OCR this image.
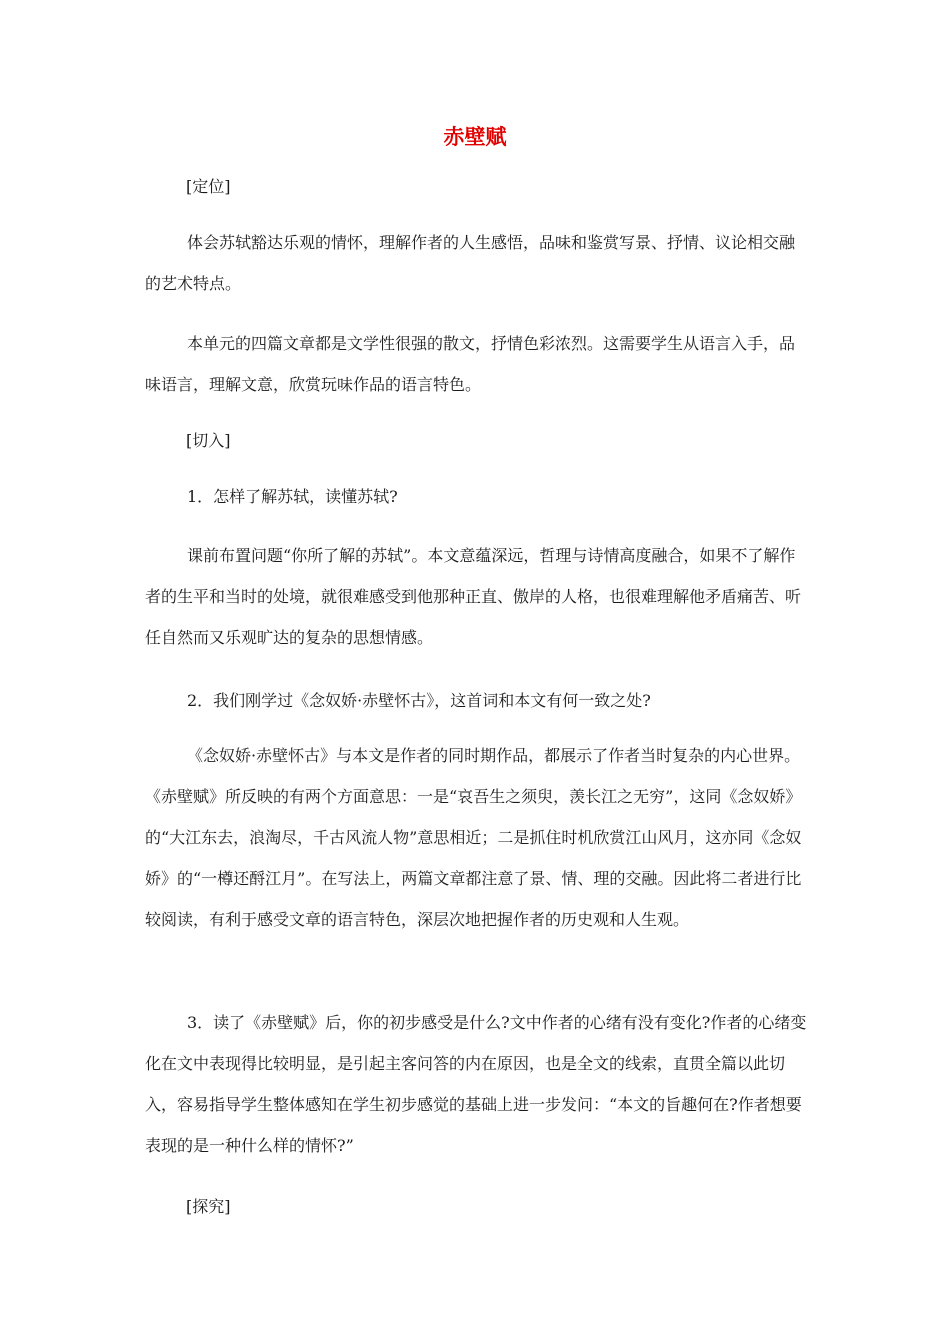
赤壁赋

[定位]

体会苏轼豁达乐观的情怀，理解作者的人生感悟，品味和鉴赏写景、抒情、议论相交融的艺术特点。

本单元的四篇文章都是文学性很强的散文，抒情色彩浓烈。这需要学生从语言入手，品味语言，理解文意，欣赏玩味作品的语言特色。

[切入]

1．怎样了解苏轼，读懂苏轼?

课前布置问题“你所了解的苏轼”。本文意蕴深远，哲理与诗情高度融合，如果不了解作者的生平和当时的处境，就很难感受到他那种正直、傲岸的人格，也很难理解他矛盾痛苦、听任自然而又乐观旷达的复杂的思想情感。

2．我们刚学过《念奴娇·赤壁怀古》，这首词和本文有何一致之处?

《念奴娇·赤壁怀古》与本文是作者的同时期作品，都展示了作者当时复杂的内心世界。《赤壁赋》所反映的有两个方面意思：一是“哀吾生之须臾，羡长江之无穷”，这同《念奴娇》的“大江东去，浪淘尽，千古风流人物”意思相近；二是抓住时机欣赏江山风月，这亦同《念奴娇》的“一樽还酹江月”。在写法上，两篇文章都注意了景、情、理的交融。因此将二者进行比较阅读，有利于感受文章的语言特色，深层次地把握作者的历史观和人生观。

3．读了《赤壁赋》后，你的初步感受是什么?文中作者的心绪有没有变化?作者的心绪变化在文中表现得比较明显，是引起主客问答的内在原因，也是全文的线索，直贯全篇以此切入，容易指导学生整体感知在学生初步感觉的基础上进一步发问：“本文的旨趣何在?作者想要表现的是一种什么样的情怀?”

[探究]
